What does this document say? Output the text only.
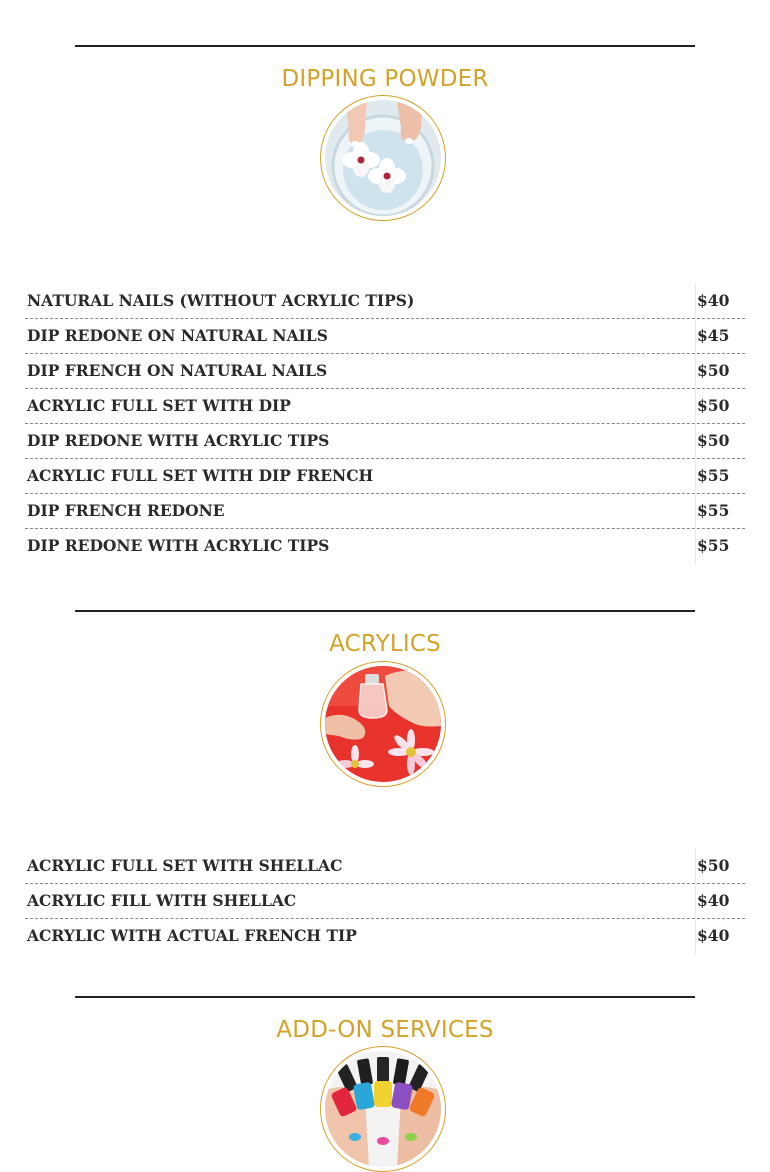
DIPPING POWDER
NATURAL NAILS (WITHOUT ACRYLIC TIPS)	$40
DIP REDONE ON NATURAL NAILS	$45
DIP FRENCH ON NATURAL NAILS	$50
ACRYLIC FULL SET WITH DIP	$50
DIP REDONE WITH ACRYLIC TIPS	$50
ACRYLIC FULL SET WITH DIP FRENCH	$55
DIP FRENCH REDONE	$55
DIP REDONE WITH ACRYLIC TIPS	$55
ACRYLICS
ACRYLIC FULL SET WITH SHELLAC	$50
ACRYLIC FILL WITH SHELLAC	$40
ACRYLIC WITH ACTUAL FRENCH TIP	$40
ADD-ON SERVICES
